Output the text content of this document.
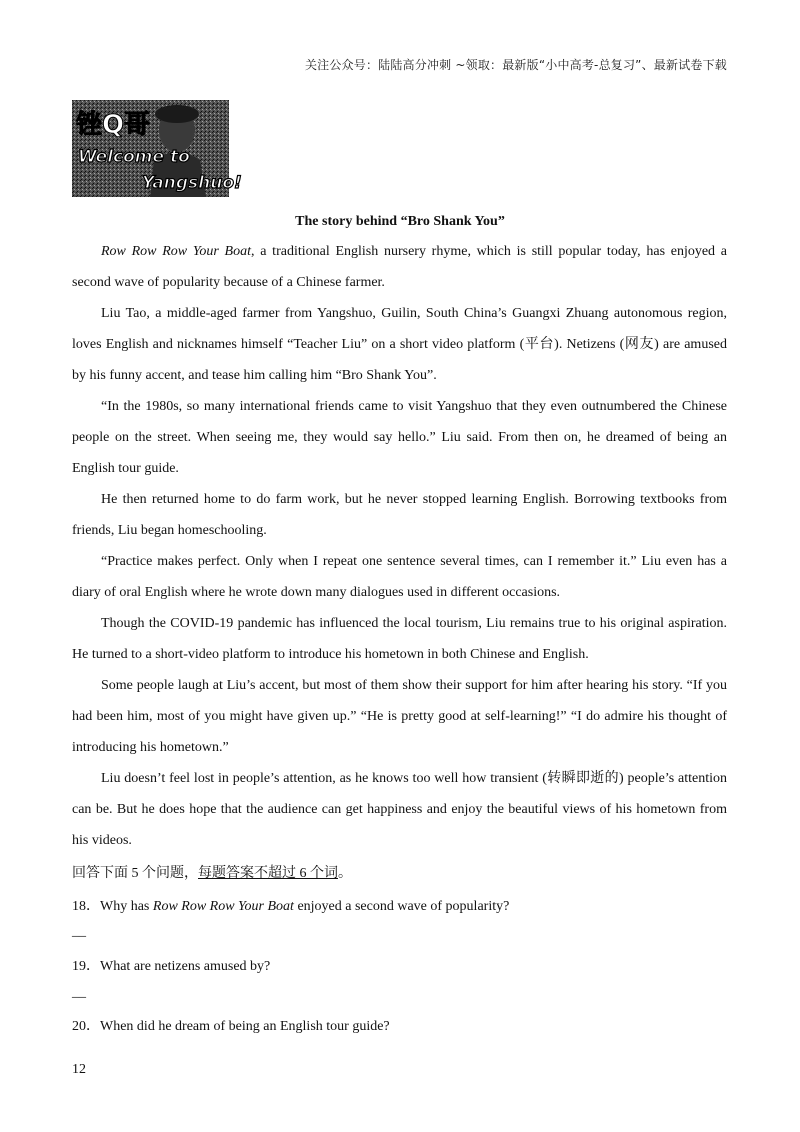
关注公众号：陆陆高分冲刺 ~领取：最新版“小中高考-总复习”、最新试卷下载
锉Q哥
Welcome to
Yangshuo!
The story behind “Bro Shank You”

Row Row Row Your Boat, a traditional English nursery rhyme, which is still popular today, has enjoyed a second wave of popularity because of a Chinese farmer.

Liu Tao, a middle-aged farmer from Yangshuo, Guilin, South China’s Guangxi Zhuang autonomous region, loves English and nicknames himself “Teacher Liu” on a short video platform (平台). Netizens (网友) are amused by his funny accent, and tease him calling him “Bro Shank You”.

“In the 1980s, so many international friends came to visit Yangshuo that they even outnumbered the Chinese people on the street. When seeing me, they would say hello.” Liu said. From then on, he dreamed of being an English tour guide.

He then returned home to do farm work, but he never stopped learning English. Borrowing textbooks from friends, Liu began homeschooling.

“Practice makes perfect. Only when I repeat one sentence several times, can I remember it.” Liu even has a diary of oral English where he wrote down many dialogues used in different occasions.

Though the COVID-19 pandemic has influenced the local tourism, Liu remains true to his original aspiration. He turned to a short-video platform to introduce his hometown in both Chinese and English.

Some people laugh at Liu’s accent, but most of them show their support for him after hearing his story. “If you had been him, most of you might have given up.” “He is pretty good at self-learning!” “I do admire his thought of introducing his hometown.”

Liu doesn’t feel lost in people’s attention, as he knows too well how transient (转瞬即逝的) people’s attention can be. But he does hope that the audience can get happiness and enjoy the beautiful views of his hometown from his videos.

回答下面 5 个问题，每题答案不超过 6 个词。

18．Why has Row Row Row Your Boat enjoyed a second wave of popularity?

__

19．What are netizens amused by?

__

20．When did he dream of being an English tour guide?

12
